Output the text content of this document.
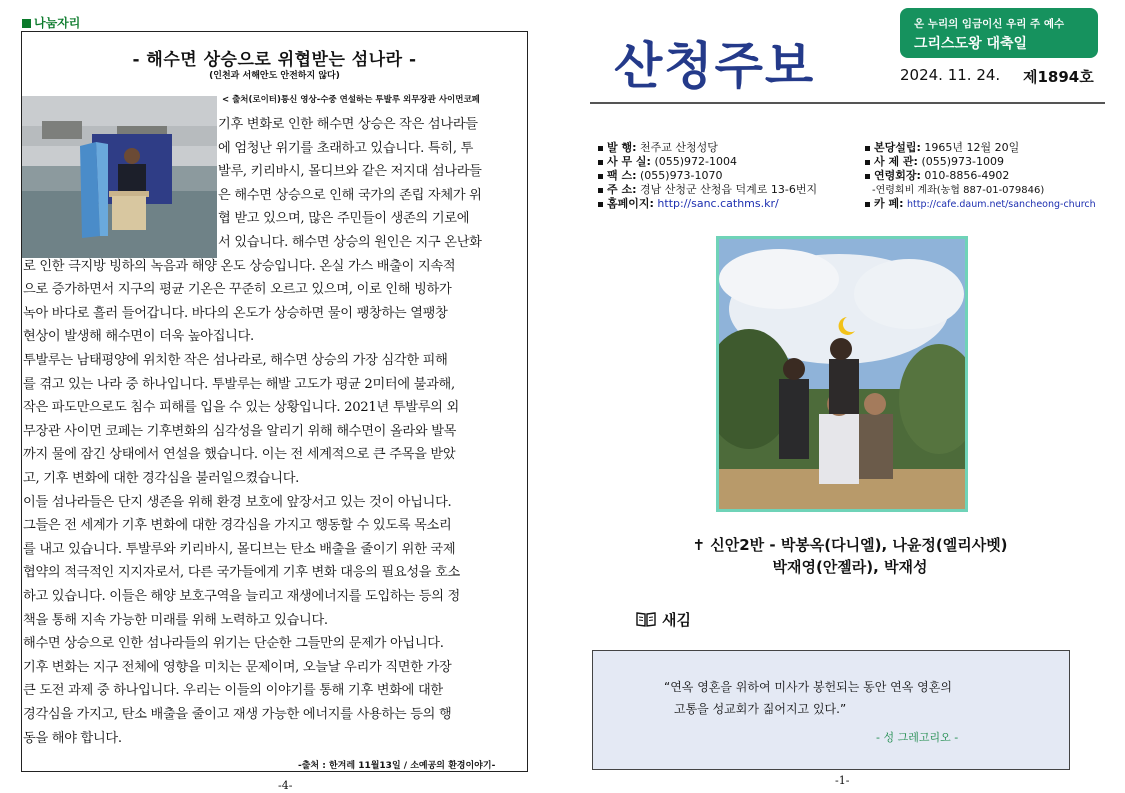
나눔자리
- 해수면 상승으로 위협받는 섬나라 -
(인천과 서해안도 안전하지 않다)
< 출처(로이터)통신 영상-수중 연설하는 투발루 외무장관 사이먼코페
기후 변화로 인한 해수면 상승은 작은 섬나라들
에 엄청난 위기를 초래하고 있습니다. 특히, 투
발루, 키리바시, 몰디브와 같은 저지대 섬나라들
은 해수면 상승으로 인해 국가의 존립 자체가 위
협 받고 있으며, 많은 주민들이 생존의 기로에
서 있습니다. 해수면 상승의 원인은 지구 온난화
로 인한 극지방 빙하의 녹음과 해양 온도 상승입니다. 온실 가스 배출이 지속적
으로 증가하면서 지구의 평균 기온은 꾸준히 오르고 있으며, 이로 인해 빙하가
녹아 바다로 흘러 들어갑니다. 바다의 온도가 상승하면 물이 팽창하는 열팽창
현상이 발생해 해수면이 더욱 높아집니다.
투발루는 남태평양에 위치한 작은 섬나라로, 해수면 상승의 가장 심각한 피해
를 겪고 있는 나라 중 하나입니다. 투발루는 해발 고도가 평균 2미터에 불과해,
작은 파도만으로도 침수 피해를 입을 수 있는 상황입니다. 2021년 투발루의 외
무장관 사이먼 코페는 기후변화의 심각성을 알리기 위해 해수면이 올라와 발목
까지 물에 잠긴 상태에서 연설을 했습니다. 이는 전 세계적으로 큰 주목을 받았
고, 기후 변화에 대한 경각심을 불러일으켰습니다.
이들 섬나라들은 단지 생존을 위해 환경 보호에 앞장서고 있는 것이 아닙니다.
그들은 전 세계가 기후 변화에 대한 경각심을 가지고 행동할 수 있도록 목소리
를 내고 있습니다. 투발루와 키리바시, 몰디브는 탄소 배출을 줄이기 위한 국제
협약의 적극적인 지지자로서, 다른 국가들에게 기후 변화 대응의 필요성을 호소
하고 있습니다. 이들은 해양 보호구역을 늘리고 재생에너지를 도입하는 등의 정
책을 통해 지속 가능한 미래를 위해 노력하고 있습니다.
해수면 상승으로 인한 섬나라들의 위기는 단순한 그들만의 문제가 아닙니다.
기후 변화는 지구 전체에 영향을 미치는 문제이며, 오늘날 우리가 직면한 가장
큰 도전 과제 중 하나입니다. 우리는 이들의 이야기를 통해 기후 변화에 대한
경각심을 가지고, 탄소 배출을 줄이고 재생 가능한 에너지를 사용하는 등의 행
동을 해야 합니다.
-출처 : 한겨레 11월13일 / 소예공의 환경이야기-
-4-
산청주보
온 누리의 임금이신 우리 주 예수
그리스도왕 대축일
2024. 11. 24. 제1894호
발 행: 천주교 산청성당
사 무 실: (055)972-1004
팩 스: (055)973-1070
주 소: 경남 산청군 산청읍 덕계로 13-6번지
홈페이지: http://sanc.cathms.kr/
본당설립: 1965년 12월 20일
사 제 관: (055)973-1009
연령회장: 010-8856-4902
-연령회비 계좌(농협 887-01-079846)
카 페: http://cafe.daum.net/sancheong-church
✝ 신안2반 - 박봉옥(다니엘), 나윤정(엘리사벳)
박재영(안젤라), 박재성
새김
“연옥 영혼을 위하여 미사가 봉헌되는 동안 연옥 영혼의
고통을 성교회가 짊어지고 있다.”
- 성 그레고리오 -
-1-
